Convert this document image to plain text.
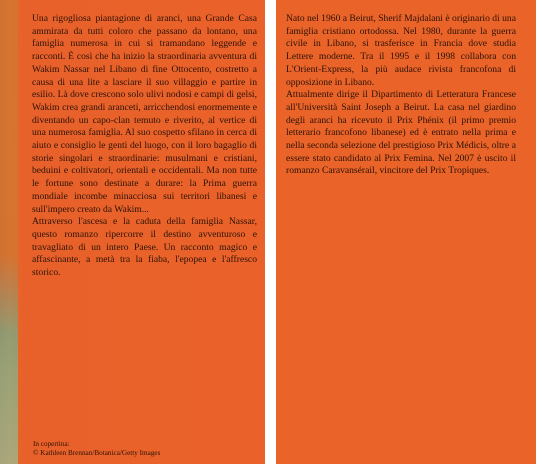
Una rigogliosa piantagione di aranci, una Grande Casa ammirata da tutti coloro che passano da lontano, una famiglia numerosa in cui si tramandano leggende e racconti. È così che ha inizio la straordinaria avventura di Wakim Nassar nel Libano di fine Ottocento, costretto a causa di una lite a lasciare il suo villaggio e partire in esilio. Là dove crescono solo ulivi nodosi e campi di gelsi, Wakim crea grandi aranceti, arricchendosi enormemente e diventando un capo-clan temuto e riverito, al vertice di una numerosa famiglia. Al suo cospetto sfilano in cerca di aiuto e consiglio le genti del luogo, con il loro bagaglio di storie singolari e straordinarie: musulmani e cristiani, beduini e coltivatori, orientali e occidentali. Ma non tutte le fortune sono destinate a durare: la Prima guerra mondiale incombe minacciosa sui territori libanesi e sull'impero creato da Wakim...

Attraverso l'ascesa e la caduta della famiglia Nassar, questo romanzo ripercorre il destino avventuroso e travagliato di un intero Paese. Un racconto magico e affascinante, a metà tra la fiaba, l'epopea e l'affresco storico.

In copertina:
© Kathleen Brennan/Botanica/Getty Images

Nato nel 1960 a Beirut, Sherif Majdalani è originario di una famiglia cristiano ortodossa. Nel 1980, durante la guerra civile in Libano, si trasferisce in Francia dove studia Lettere moderne. Tra il 1995 e il 1998 collabora con L'Orient-Express, la più audace rivista francofona di opposizione in Libano.

Attualmente dirige il Dipartimento di Letteratura Francese all'Università Saint Joseph a Beirut. La casa nel giardino degli aranci ha ricevuto il Prix Phénix (il primo premio letterario francofono libanese) ed è entrato nella prima e nella seconda selezione del prestigioso Prix Médicis, oltre a essere stato candidato al Prix Femina. Nel 2007 è uscito il romanzo Caravansérail, vincitore del Prix Tropiques.
